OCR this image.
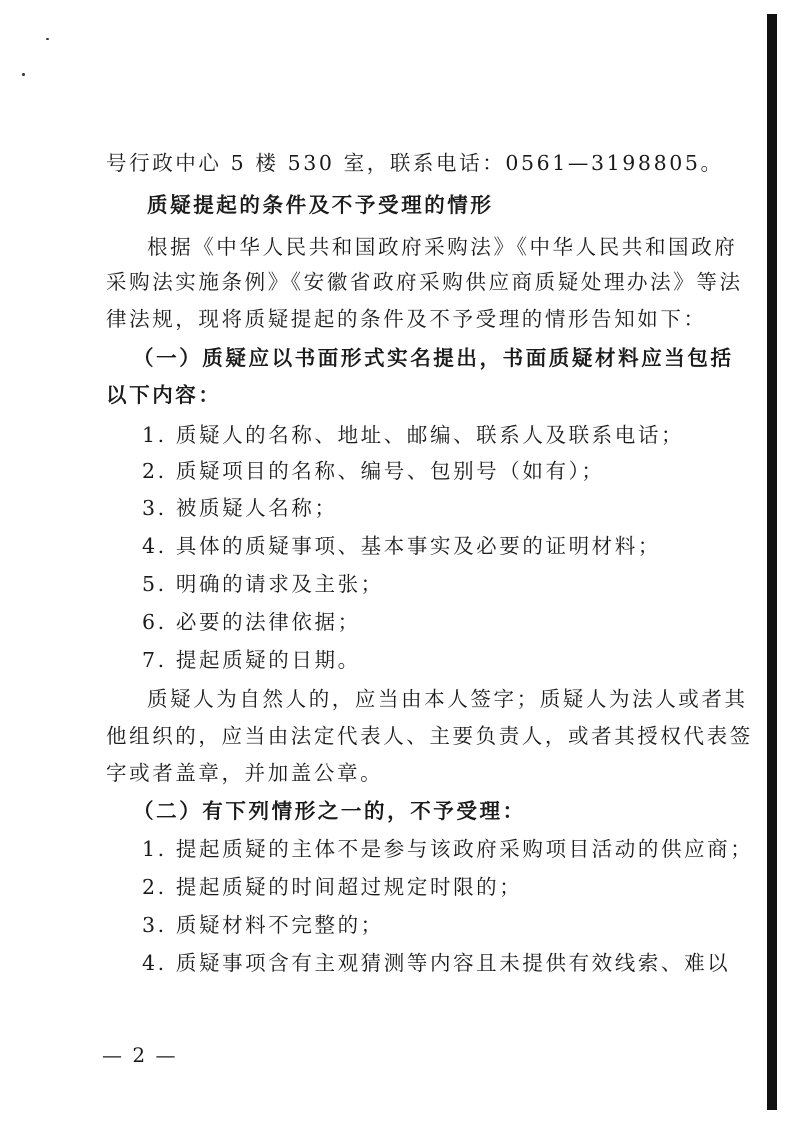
号行政中心 5 楼 530 室，联系电话：0561—3198805。
质疑提起的条件及不予受理的情形
根据《中华人民共和国政府采购法》《中华人民共和国政府
采购法实施条例》《安徽省政府采购供应商质疑处理办法》等法
律法规，现将质疑提起的条件及不予受理的情形告知如下：
（一）质疑应以书面形式实名提出，书面质疑材料应当包括
以下内容：
1. 质疑人的名称、地址、邮编、联系人及联系电话；
2. 质疑项目的名称、编号、包别号（如有）；
3. 被质疑人名称；
4. 具体的质疑事项、基本事实及必要的证明材料；
5. 明确的请求及主张；
6. 必要的法律依据；
7. 提起质疑的日期。
质疑人为自然人的，应当由本人签字；质疑人为法人或者其
他组织的，应当由法定代表人、主要负责人，或者其授权代表签
字或者盖章，并加盖公章。
（二）有下列情形之一的，不予受理：
1. 提起质疑的主体不是参与该政府采购项目活动的供应商；
2. 提起质疑的时间超过规定时限的；
3. 质疑材料不完整的；
4. 质疑事项含有主观猜测等内容且未提供有效线索、难以
— 2 —
